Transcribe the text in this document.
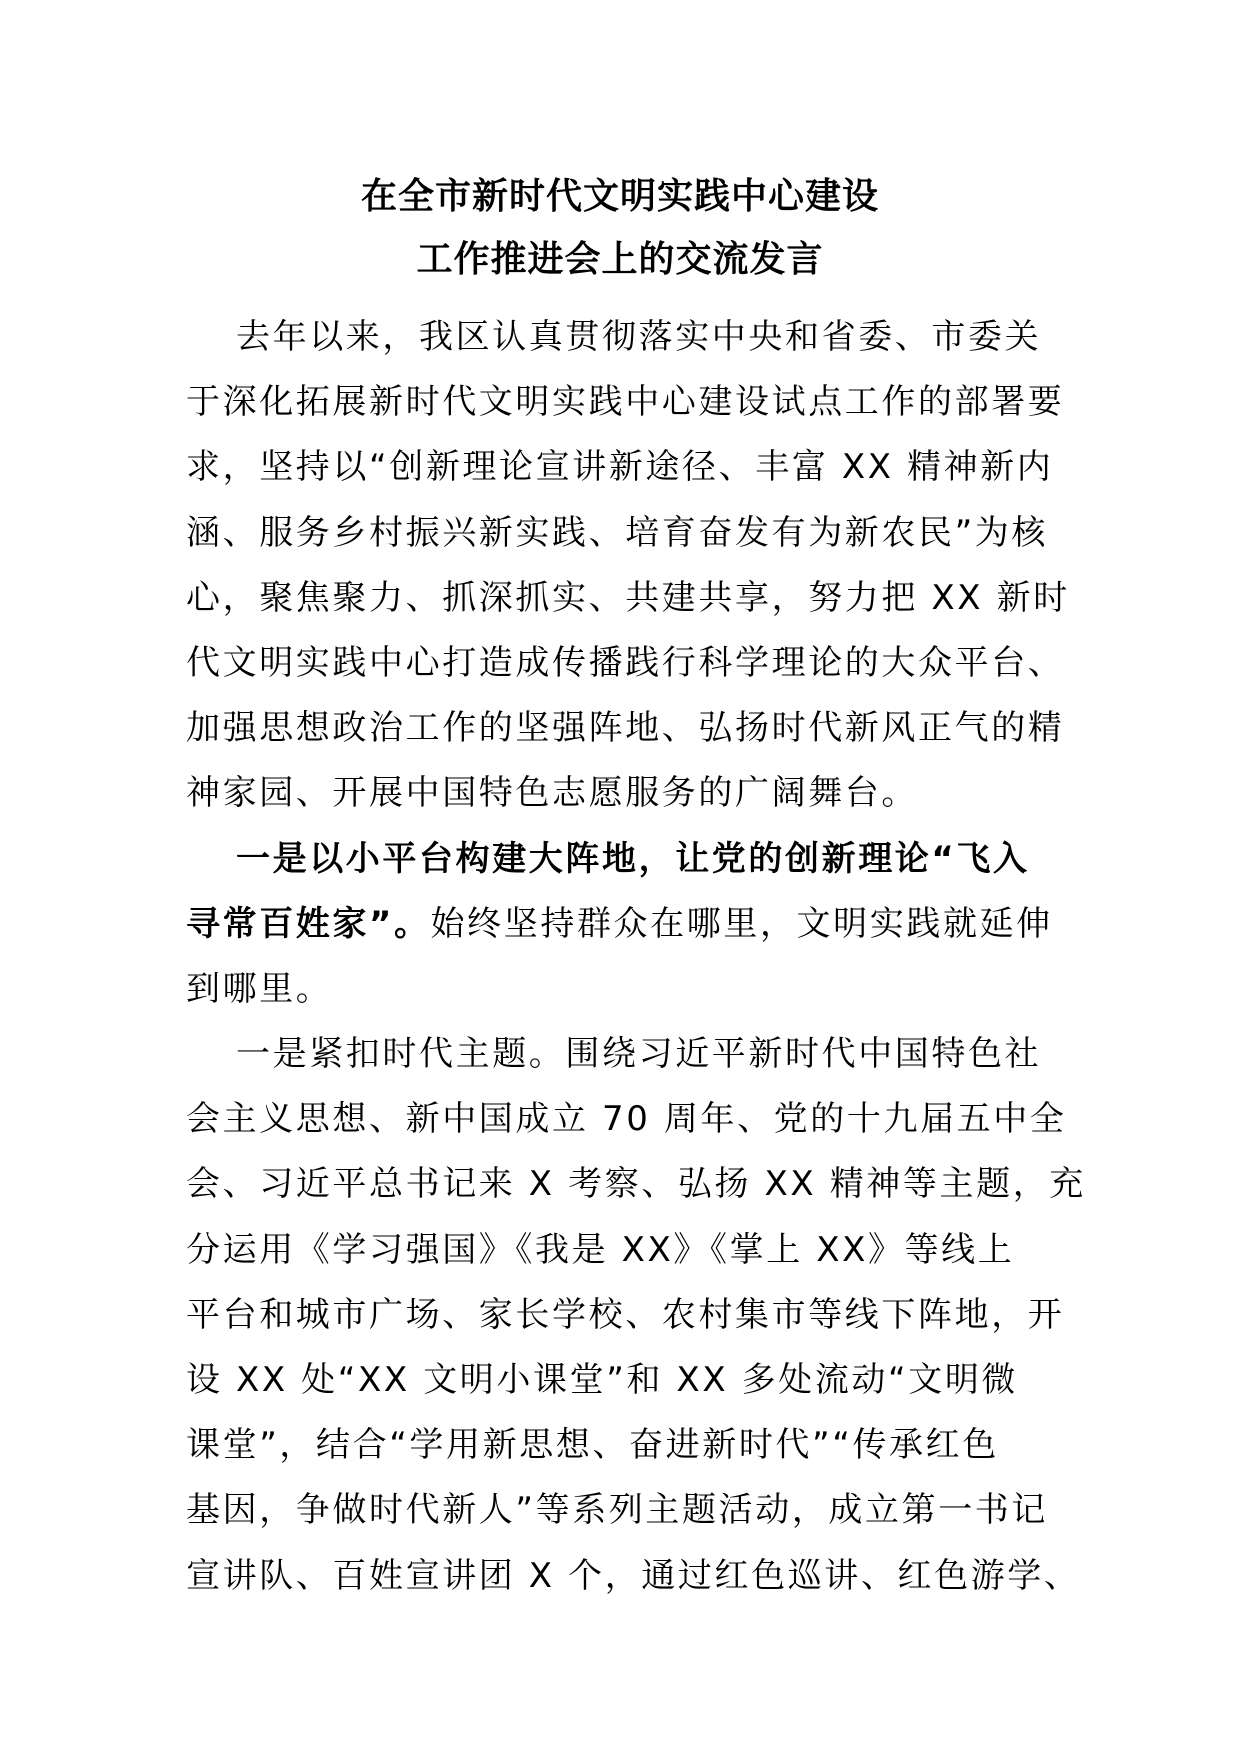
在全市新时代文明实践中心建设
工作推进会上的交流发言
去年以来，我区认真贯彻落实中央和省委、市委关
于深化拓展新时代文明实践中心建设试点工作的部署要
求，坚持以“创新理论宣讲新途径、丰富 XX 精神新内
涵、服务乡村振兴新实践、培育奋发有为新农民”为核
心，聚焦聚力、抓深抓实、共建共享，努力把 XX 新时
代文明实践中心打造成传播践行科学理论的大众平台、
加强思想政治工作的坚强阵地、弘扬时代新风正气的精
神家园、开展中国特色志愿服务的广阔舞台。
一是以小平台构建大阵地，让党的创新理论“飞入
寻常百姓家”。始终坚持群众在哪里，文明实践就延伸
到哪里。
一是紧扣时代主题。围绕习近平新时代中国特色社
会主义思想、新中国成立 70 周年、党的十九届五中全
会、习近平总书记来 X 考察、弘扬 XX 精神等主题，充
分运用《学习强国》《我是 XX》《掌上 XX》等线上
平台和城市广场、家长学校、农村集市等线下阵地，开
设 XX 处“XX 文明小课堂”和 XX 多处流动“文明微
课堂”，结合“学用新思想、奋进新时代”“传承红色
基因，争做时代新人”等系列主题活动，成立第一书记
宣讲队、百姓宣讲团 X 个，通过红色巡讲、红色游学、
